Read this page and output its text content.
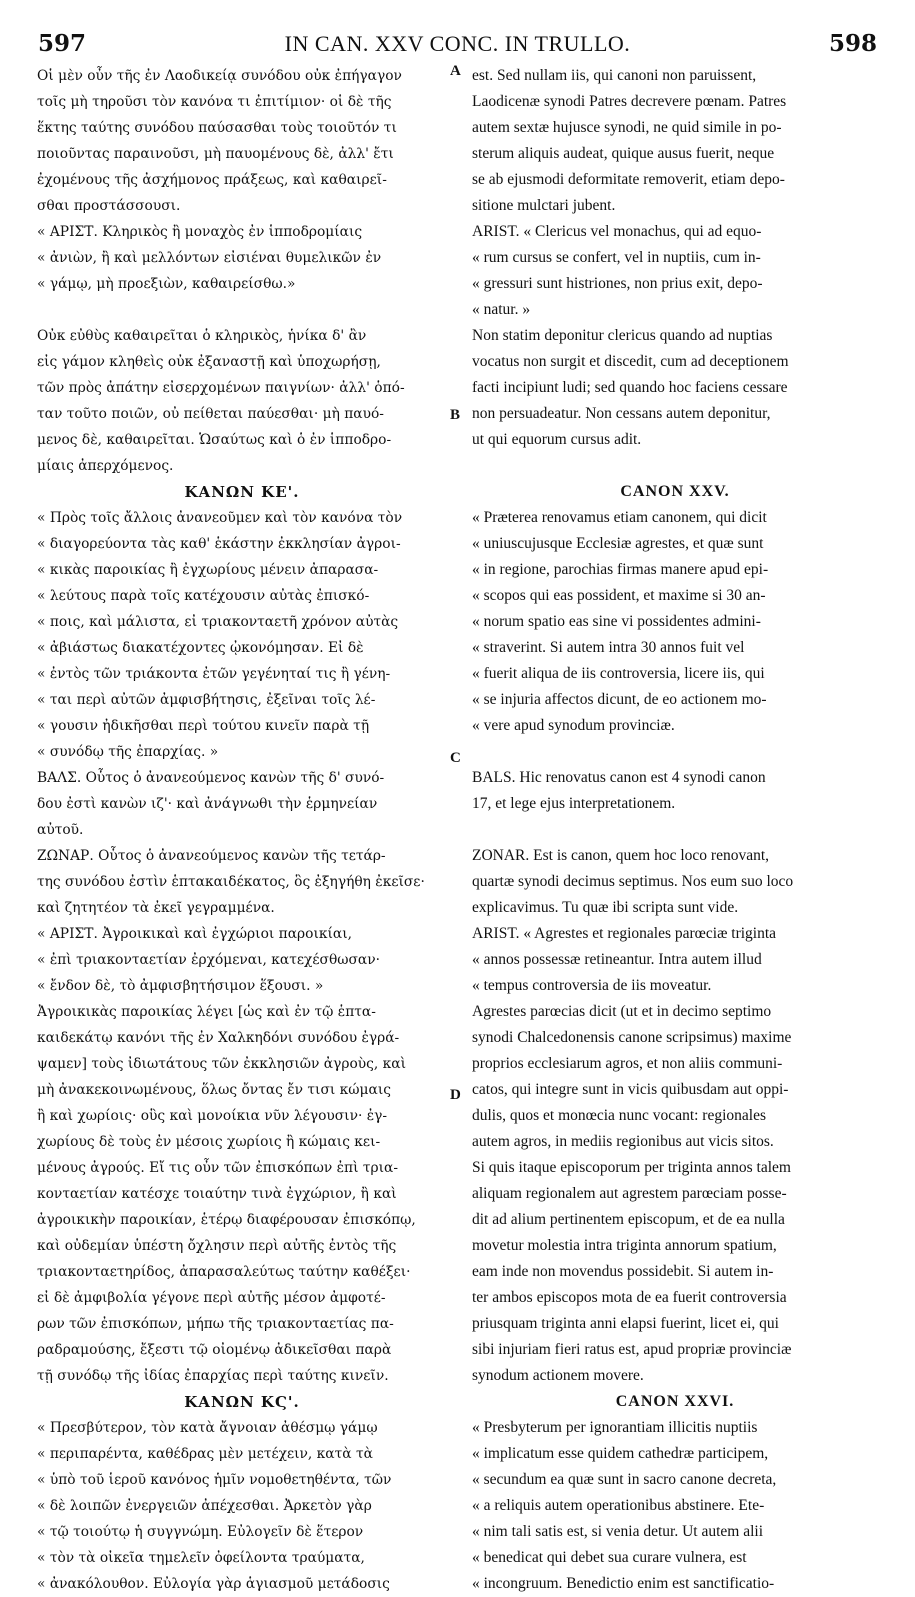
597	IN CAN. XXV CONC. IN TRULLO.	598
Οἱ μὲν οὖν τῆς ἐν Λαοδικείᾳ συνόδου οὐκ ἐπήγαγον
τοῖς μὴ τηροῦσι τὸν κανόνα τι ἐπιτίμιον· οἱ δὲ τῆς
ἕκτης ταύτης συνόδου παύσασθαι τοὺς τοιοῦτόν τι
ποιοῦντας παραινοῦσι, μὴ παυομένους δὲ, ἀλλ' ἔτι
ἐχομένους τῆς ἀσχήμονος πράξεως, καὶ καθαιρεῖ-
σθαι προστάσσουσι.
« ΑΡΙΣΤ. Κληρικὸς ἢ μοναχὸς ἐν ἱπποδρομίαις
« ἀνιὼν, ἢ καὶ μελλόντων εἰσιέναι θυμελικῶν ἐν
« γάμῳ, μὴ προεξιὼν, καθαιρείσθω.»
Οὐκ εὐθὺς καθαιρεῖται ὁ κληρικὸς, ἡνίκα δ' ἂν
εἰς γάμον κληθεὶς οὐκ ἐξαναστῇ καὶ ὑποχωρήσῃ,
τῶν πρὸς ἀπάτην εἰσερχομένων παιγνίων· ἀλλ' ὁπό-
ταν τοῦτο ποιῶν, οὐ πείθεται παύεσθαι· μὴ παυό-
μενος δὲ, καθαιρεῖται. Ὡσαύτως καὶ ὁ ἐν ἱπποδρο-
μίαις ἀπερχόμενος.
ΚΑΝΩΝ ΚΕ'.
« Πρὸς τοῖς ἄλλοις ἀνανεοῦμεν καὶ τὸν κανόνα τὸν
« διαγορεύοντα τὰς καθ' ἑκάστην ἐκκλησίαν ἀγροι-
« κικὰς παροικίας ἢ ἐγχωρίους μένειν ἀπαρασα-
« λεύτους παρὰ τοῖς κατέχουσιν αὐτὰς ἐπισκό-
« ποις, καὶ μάλιστα, εἰ τριακονταετῆ χρόνον αὐτὰς
« ἀβιάστως διακατέχοντες ᾠκονόμησαν. Εἰ δὲ
« ἐντὸς τῶν τριάκοντα ἐτῶν γεγένηταί τις ἢ γένη-
« ται περὶ αὐτῶν ἀμφισβήτησις, ἐξεῖναι τοῖς λέ-
« γουσιν ἠδικῆσθαι περὶ τούτου κινεῖν παρὰ τῇ
« συνόδῳ τῆς ἐπαρχίας. »
ΒΑΛΣ. Οὗτος ὁ ἀνανεούμενος κανὼν τῆς δ' συνό-
δου ἐστὶ κανὼν ιζ'· καὶ ἀνάγνωθι τὴν ἑρμηνείαν
αὐτοῦ.
ΖΩΝΑΡ. Οὗτος ὁ ἀνανεούμενος κανὼν τῆς τετάρ-
της συνόδου ἐστὶν ἑπτακαιδέκατος, ὃς ἐξηγήθη ἐκεῖσε·
καὶ ζητητέον τὰ ἐκεῖ γεγραμμένα.
« ΑΡΙΣΤ. Ἀγροικικαὶ καὶ ἐγχώριοι παροικίαι,
« ἐπὶ τριακονταετίαν ἐρχόμεναι, κατεχέσθωσαν·
« ἔνδον δὲ, τὸ ἀμφισβητήσιμον ἕξουσι. »
Ἀγροικικὰς παροικίας λέγει [ὡς καὶ ἐν τῷ ἑπτα-
καιδεκάτῳ κανόνι τῆς ἐν Χαλκηδόνι συνόδου ἐγρά-
ψαμεν] τοὺς ἰδιωτάτους τῶν ἐκκλησιῶν ἀγροὺς, καὶ
μὴ ἀνακεκοινωμένους, ὅλως ὄντας ἔν τισι κώμαις
ἢ καὶ χωρίοις· οὓς καὶ μονοίκια νῦν λέγουσιν· ἐγ-
χωρίους δὲ τοὺς ἐν μέσοις χωρίοις ἢ κώμαις κει-
μένους ἀγρούς. Εἴ τις οὖν τῶν ἐπισκόπων ἐπὶ τρια-
κονταετίαν κατέσχε τοιαύτην τινὰ ἐγχώριον, ἢ καὶ
ἀγροικικὴν παροικίαν, ἑτέρῳ διαφέρουσαν ἐπισκόπῳ,
καὶ οὐδεμίαν ὑπέστη ὄχλησιν περὶ αὐτῆς ἐντὸς τῆς
τριακονταετηρίδος, ἀπαρασαλεύτως ταύτην καθέξει·
εἰ δὲ ἀμφιβολία γέγονε περὶ αὐτῆς μέσον ἀμφοτέ-
ρων τῶν ἐπισκόπων, μήπω τῆς τριακονταετίας πα-
ραδραμούσης, ἔξεστι τῷ οἰομένῳ ἀδικεῖσθαι παρὰ
τῇ συνόδῳ τῆς ἰδίας ἐπαρχίας περὶ ταύτης κινεῖν.
ΚΑΝΩΝ ΚϚ'.
« Πρεσβύτερον, τὸν κατὰ ἄγνοιαν ἀθέσμῳ γάμῳ
« περιπαρέντα, καθέδρας μὲν μετέχειν, κατὰ τὰ
« ὑπὸ τοῦ ἱεροῦ κανόνος ἡμῖν νομοθετηθέντα, τῶν
« δὲ λοιπῶν ἐνεργειῶν ἀπέχεσθαι. Ἀρκετὸν γὰρ
« τῷ τοιούτῳ ἡ συγγνώμη. Εὐλογεῖν δὲ ἕτερον
« τὸν τὰ οἰκεῖα τημελεῖν ὀφείλοντα τραύματα,
« ἀνακόλουθον. Εὐλογία γὰρ ἁγιασμοῦ μετάδοσις
est. Sed nullam iis, qui canoni non paruissent,
Laodicenæ synodi Patres decrevere pœnam. Patres
autem sextæ hujusce synodi, ne quid simile in po-
sterum aliquis audeat, quique ausus fuerit, neque
se ab ejusmodi deformitate removerit, etiam depo-
sitione mulctari jubent.
ARIST. « Clericus vel monachus, qui ad equo-
« rum cursus se confert, vel in nuptiis, cum in-
« gressuri sunt histriones, non prius exit, depo-
« natur. »
Non statim deponitur clericus quando ad nuptias
vocatus non surgit et discedit, cum ad deceptionem
facti incipiunt ludi; sed quando hoc faciens cessare
non persuadeatur. Non cessans autem deponitur,
ut qui equorum cursus adit.
CANON XXV.
« Præterea renovamus etiam canonem, qui dicit
« uniuscujusque Ecclesiæ agrestes, et quæ sunt
« in regione, parochias firmas manere apud epi-
« scopos qui eas possident, et maxime si 30 an-
« norum spatio eas sine vi possidentes admini-
« straverint. Si autem intra 30 annos fuit vel
« fuerit aliqua de iis controversia, licere iis, qui
« se injuria affectos dicunt, de eo actionem mo-
« vere apud synodum provinciæ.
BALS. Hic renovatus canon est 4 synodi canon
17, et lege ejus interpretationem.
ZONAR. Est is canon, quem hoc loco renovant,
quartæ synodi decimus septimus. Nos eum suo loco
explicavimus. Tu quæ ibi scripta sunt vide.
ARIST. « Agrestes et regionales parœciæ triginta
« annos possessæ retineantur. Intra autem illud
« tempus controversia de iis moveatur.
Agrestes parœcias dicit (ut et in decimo septimo
synodi Chalcedonensis canone scripsimus) maxime
proprios ecclesiarum agros, et non aliis communi-
catos, qui integre sunt in vicis quibusdam aut oppi-
dulis, quos et monœcia nunc vocant: regionales
autem agros, in mediis regionibus aut vicis sitos.
Si quis itaque episcoporum per triginta annos talem
aliquam regionalem aut agrestem parœciam posse-
dit ad alium pertinentem episcopum, et de ea nulla
movetur molestia intra triginta annorum spatium,
eam inde non movendus possidebit. Si autem in-
ter ambos episcopos mota de ea fuerit controversia
priusquam triginta anni elapsi fuerint, licet ei, qui
sibi injuriam fieri ratus est, apud propriæ provinciæ
synodum actionem movere.
CANON XXVI.
« Presbyterum per ignorantiam illicitis nuptiis
« implicatum esse quidem cathedræ participem,
« secundum ea quæ sunt in sacro canone decreta,
« a reliquis autem operationibus abstinere. Ete-
« nim tali satis est, si venia detur. Ut autem alii
« benedicat qui debet sua curare vulnera, est
« incongruum. Benedictio enim est sanctificatio-
A
B
C
D
